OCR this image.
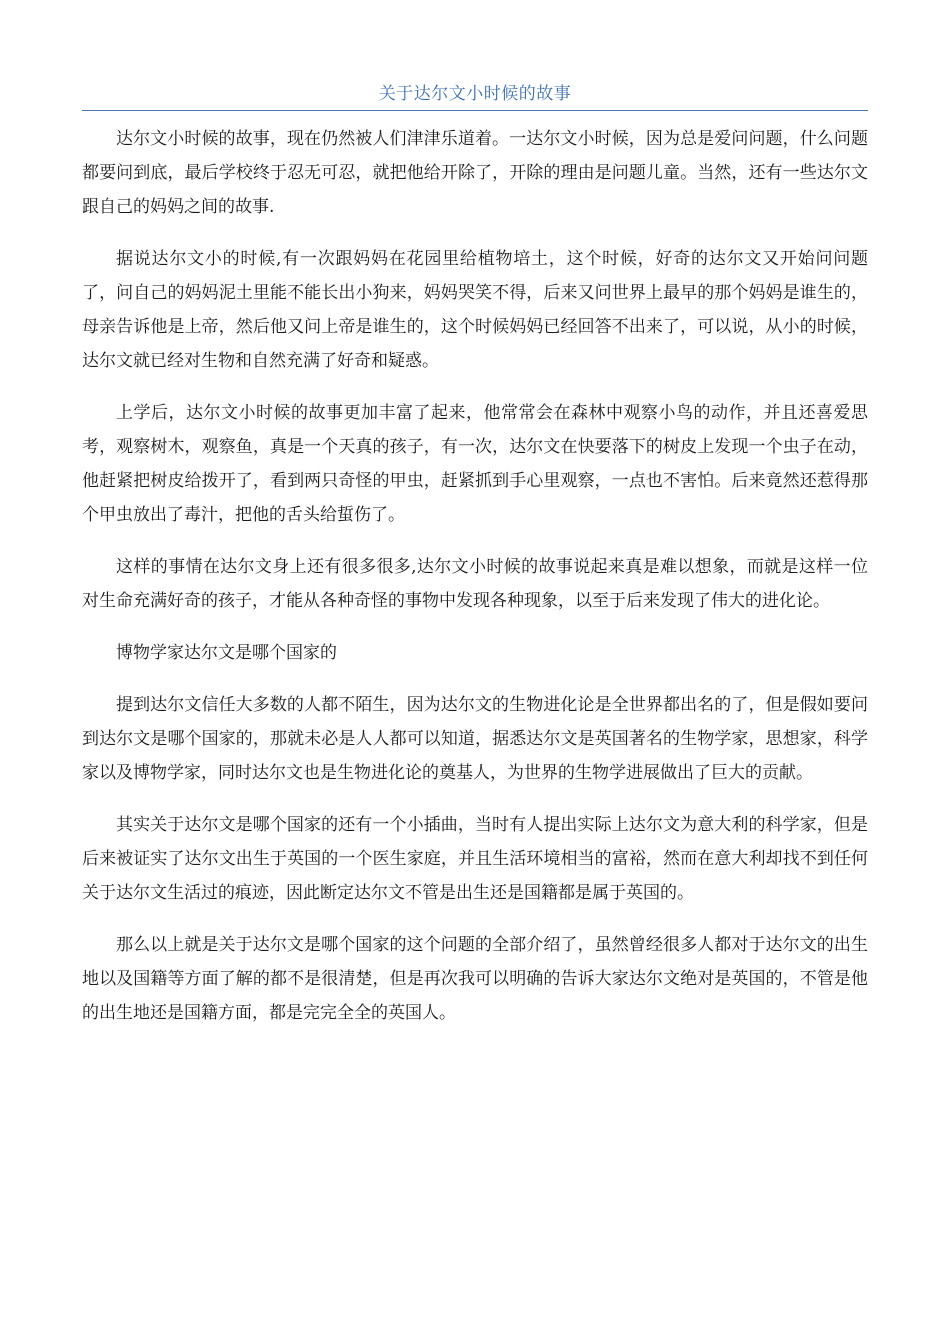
关于达尔文小时候的故事

达尔文小时候的故事，现在仍然被人们津津乐道着。一达尔文小时候，因为总是爱问问题，什么问题都要问到底，最后学校终于忍无可忍，就把他给开除了，开除的理由是问题儿童。当然，还有一些达尔文跟自己的妈妈之间的故事.

据说达尔文小的时候,有一次跟妈妈在花园里给植物培土，这个时候，好奇的达尔文又开始问问题了，问自己的妈妈泥土里能不能长出小狗来，妈妈哭笑不得，后来又问世界上最早的那个妈妈是谁生的，母亲告诉他是上帝，然后他又问上帝是谁生的，这个时候妈妈已经回答不出来了，可以说，从小的时候，达尔文就已经对生物和自然充满了好奇和疑惑。

上学后，达尔文小时候的故事更加丰富了起来，他常常会在森林中观察小鸟的动作，并且还喜爱思考，观察树木，观察鱼，真是一个天真的孩子，有一次，达尔文在快要落下的树皮上发现一个虫子在动，他赶紧把树皮给拨开了，看到两只奇怪的甲虫，赶紧抓到手心里观察，一点也不害怕。后来竟然还惹得那个甲虫放出了毒汁，把他的舌头给蜇伤了。

这样的事情在达尔文身上还有很多很多,达尔文小时候的故事说起来真是难以想象，而就是这样一位对生命充满好奇的孩子，才能从各种奇怪的事物中发现各种现象，以至于后来发现了伟大的进化论。

博物学家达尔文是哪个国家的

提到达尔文信任大多数的人都不陌生，因为达尔文的生物进化论是全世界都出名的了，但是假如要问到达尔文是哪个国家的，那就未必是人人都可以知道，据悉达尔文是英国著名的生物学家，思想家，科学家以及博物学家，同时达尔文也是生物进化论的奠基人，为世界的生物学进展做出了巨大的贡献。

其实关于达尔文是哪个国家的还有一个小插曲，当时有人提出实际上达尔文为意大利的科学家，但是后来被证实了达尔文出生于英国的一个医生家庭，并且生活环境相当的富裕，然而在意大利却找不到任何关于达尔文生活过的痕迹，因此断定达尔文不管是出生还是国籍都是属于英国的。

那么以上就是关于达尔文是哪个国家的这个问题的全部介绍了，虽然曾经很多人都对于达尔文的出生地以及国籍等方面了解的都不是很清楚，但是再次我可以明确的告诉大家达尔文绝对是英国的，不管是他的出生地还是国籍方面，都是完完全全的英国人。
